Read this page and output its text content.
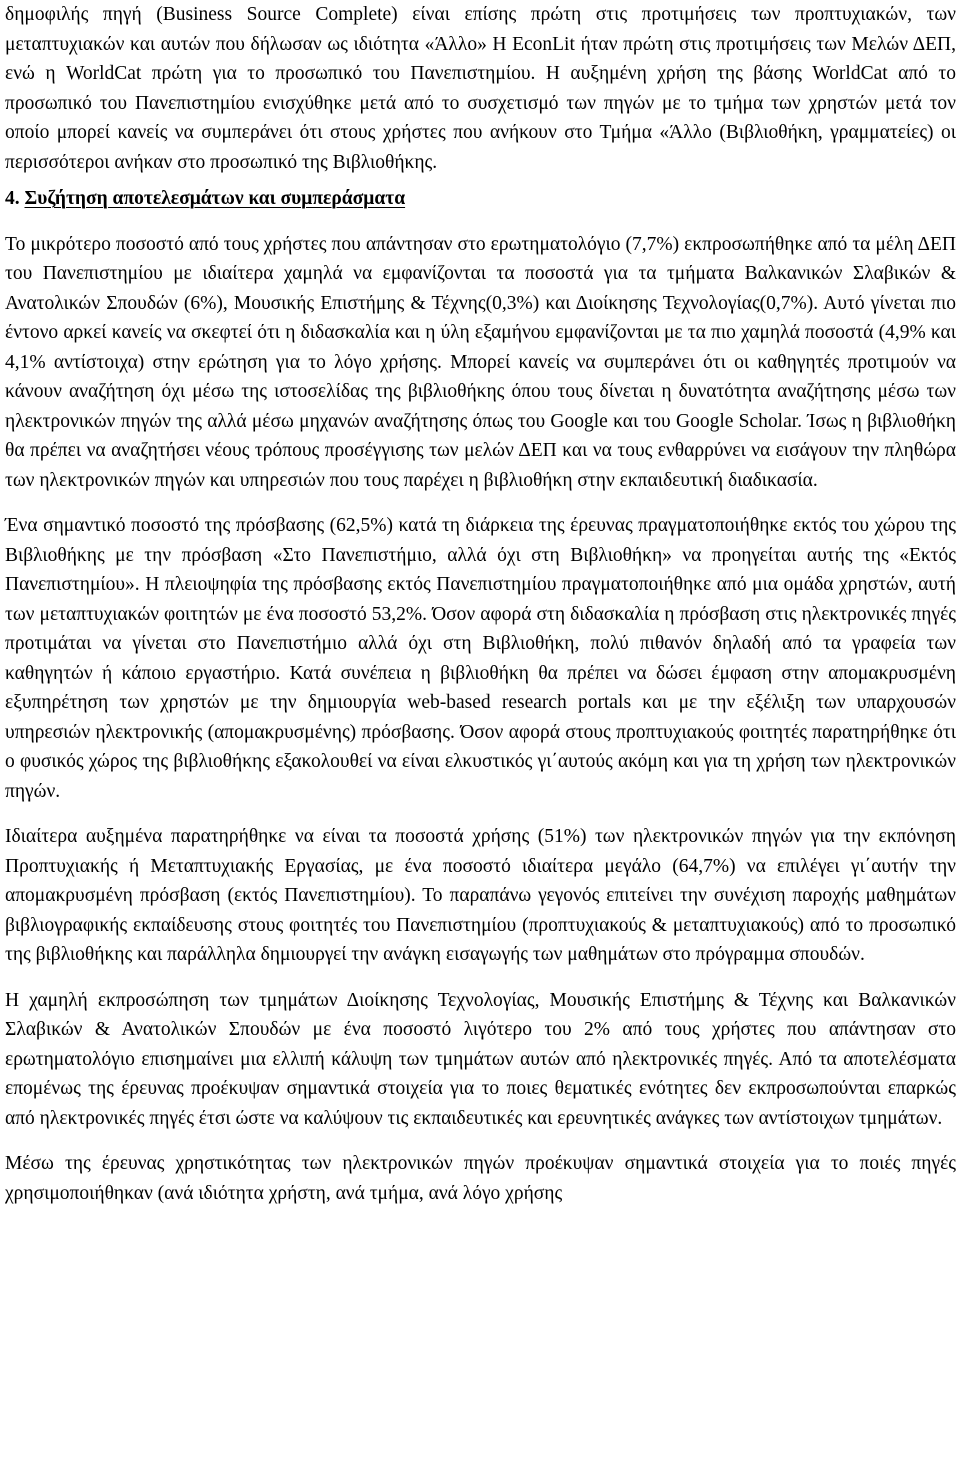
δημοφιλής πηγή (Business Source Complete) είναι επίσης πρώτη στις προτιμήσεις των προπτυχιακών, των μεταπτυχιακών και αυτών που δήλωσαν ως ιδιότητα «Άλλο» Η EconLit ήταν πρώτη στις προτιμήσεις των Μελών ΔΕΠ, ενώ η WorldCat πρώτη για το προσωπικό του Πανεπιστημίου. Η αυξημένη χρήση της βάσης WorldCat από το προσωπικό του Πανεπιστημίου ενισχύθηκε μετά από το συσχετισμό των πηγών με το τμήμα των χρηστών μετά τον οποίο μπορεί κανείς να συμπεράνει ότι στους χρήστες που ανήκουν στο Τμήμα «Άλλο (Βιβλιοθήκη, γραμματείες) οι περισσότεροι ανήκαν στο προσωπικό της Βιβλιοθήκης.

4. Συζήτηση αποτελεσμάτων και συμπεράσματα

Το μικρότερο ποσοστό από τους χρήστες που απάντησαν στο ερωτηματολόγιο (7,7%) εκπροσωπήθηκε από τα μέλη ΔΕΠ του Πανεπιστημίου με ιδιαίτερα χαμηλά να εμφανίζονται τα ποσοστά για τα τμήματα Βαλκανικών Σλαβικών & Ανατολικών Σπουδών (6%), Μουσικής Επιστήμης & Τέχνης(0,3%) και Διοίκησης Τεχνολογίας(0,7%). Αυτό γίνεται πιο έντονο αρκεί κανείς να σκεφτεί ότι η διδασκαλία και η ύλη εξαμήνου εμφανίζονται με τα πιο χαμηλά ποσοστά (4,9% και 4,1% αντίστοιχα) στην ερώτηση για το λόγο χρήσης. Μπορεί κανείς να συμπεράνει ότι οι καθηγητές προτιμούν να κάνουν αναζήτηση όχι μέσω της ιστοσελίδας της βιβλιοθήκης όπου τους δίνεται η δυνατότητα αναζήτησης μέσω των ηλεκτρονικών πηγών της αλλά μέσω μηχανών αναζήτησης όπως του Google και του Google Scholar. Ίσως η βιβλιοθήκη θα πρέπει να αναζητήσει νέους τρόπους προσέγγισης των μελών ΔΕΠ και να τους ενθαρρύνει να εισάγουν την πληθώρα των ηλεκτρονικών πηγών και υπηρεσιών που τους παρέχει η βιβλιοθήκη στην εκπαιδευτική διαδικασία.

Ένα σημαντικό ποσοστό της πρόσβασης (62,5%) κατά τη διάρκεια της έρευνας πραγματοποιήθηκε εκτός του χώρου της Βιβλιοθήκης με την πρόσβαση «Στο Πανεπιστήμιο, αλλά όχι στη Βιβλιοθήκη» να προηγείται αυτής της «Εκτός Πανεπιστημίου». Η πλειοψηφία της πρόσβασης εκτός Πανεπιστημίου πραγματοποιήθηκε από μια ομάδα χρηστών, αυτή των μεταπτυχιακών φοιτητών με ένα ποσοστό 53,2%. Όσον αφορά στη διδασκαλία η πρόσβαση στις ηλεκτρονικές πηγές προτιμάται να γίνεται στο Πανεπιστήμιο αλλά όχι στη Βιβλιοθήκη, πολύ πιθανόν δηλαδή από τα γραφεία των καθηγητών ή κάποιο εργαστήριο. Κατά συνέπεια η βιβλιοθήκη θα πρέπει να δώσει έμφαση στην απομακρυσμένη εξυπηρέτηση των χρηστών με την δημιουργία web-based research portals και με την εξέλιξη των υπαρχουσών υπηρεσιών ηλεκτρονικής (απομακρυσμένης) πρόσβασης. Όσον αφορά στους προπτυχιακούς φοιτητές παρατηρήθηκε ότι ο φυσικός χώρος της βιβλιοθήκης εξακολουθεί να είναι ελκυστικός γι΄αυτούς ακόμη και για τη χρήση των ηλεκτρονικών πηγών.

Ιδιαίτερα αυξημένα παρατηρήθηκε να είναι τα ποσοστά χρήσης (51%) των ηλεκτρονικών πηγών για την εκπόνηση Προπτυχιακής ή Μεταπτυχιακής Εργασίας, με ένα ποσοστό ιδιαίτερα μεγάλο (64,7%) να επιλέγει γι΄αυτήν την απομακρυσμένη πρόσβαση (εκτός Πανεπιστημίου). Το παραπάνω γεγονός επιτείνει την συνέχιση παροχής μαθημάτων βιβλιογραφικής εκπαίδευσης στους φοιτητές του Πανεπιστημίου (προπτυχιακούς & μεταπτυχιακούς) από το προσωπικό της βιβλιοθήκης και παράλληλα δημιουργεί την ανάγκη εισαγωγής των μαθημάτων στο πρόγραμμα σπουδών.

Η χαμηλή εκπροσώπηση των τμημάτων Διοίκησης Τεχνολογίας, Μουσικής Επιστήμης & Τέχνης και Βαλκανικών Σλαβικών & Ανατολικών Σπουδών με ένα ποσοστό λιγότερο του 2% από τους χρήστες που απάντησαν στο ερωτηματολόγιο επισημαίνει μια ελλιπή κάλυψη των τμημάτων αυτών από ηλεκτρονικές πηγές. Από τα αποτελέσματα επομένως της έρευνας προέκυψαν σημαντικά στοιχεία για το ποιες θεματικές ενότητες δεν εκπροσωπούνται επαρκώς από ηλεκτρονικές πηγές έτσι ώστε να καλύψουν τις εκπαιδευτικές και ερευνητικές ανάγκες των αντίστοιχων τμημάτων.

Μέσω της έρευνας χρηστικότητας των ηλεκτρονικών πηγών προέκυψαν σημαντικά στοιχεία για το ποιές πηγές χρησιμοποιήθηκαν (ανά ιδιότητα χρήστη, ανά τμήμα, ανά λόγο χρήσης
